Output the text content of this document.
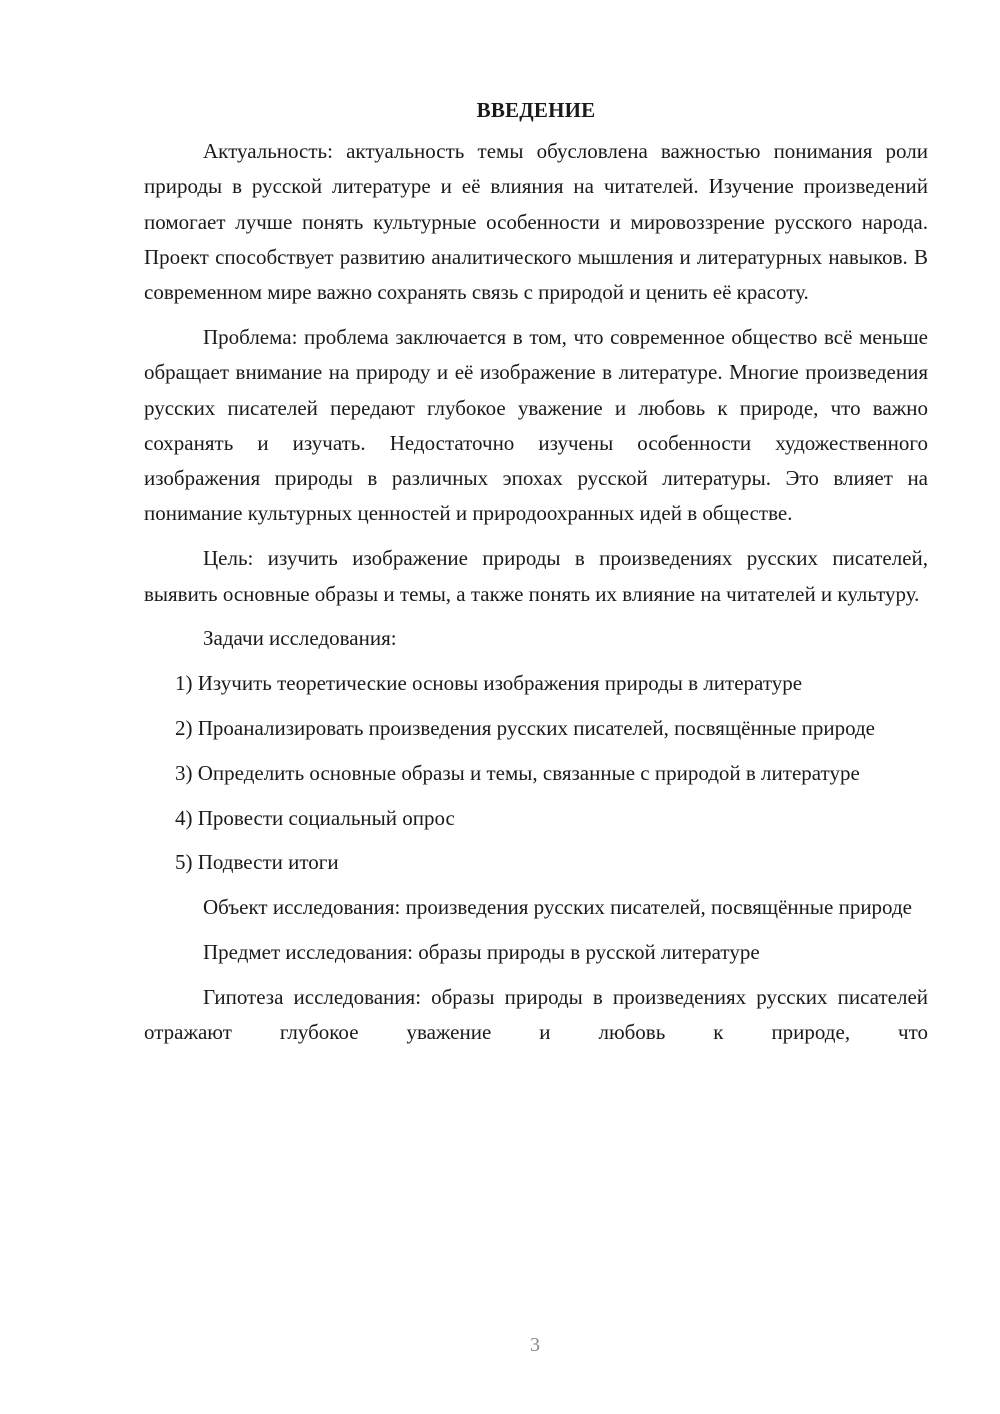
ВВЕДЕНИЕ

Актуальность: актуальность темы обусловлена важностью понимания роли природы в русской литературе и её влияния на читателей. Изучение произведений помогает лучше понять культурные особенности и мировоззрение русского народа. Проект способствует развитию аналитического мышления и литературных навыков. В современном мире важно сохранять связь с природой и ценить её красоту.

Проблема: проблема заключается в том, что современное общество всё меньше обращает внимание на природу и её изображение в литературе. Многие произведения русских писателей передают глубокое уважение и любовь к природе, что важно сохранять и изучать. Недостаточно изучены особенности художественного изображения природы в различных эпохах русской литературы. Это влияет на понимание культурных ценностей и природоохранных идей в обществе.

Цель: изучить изображение природы в произведениях русских писателей, выявить основные образы и темы, а также понять их влияние на читателей и культуру.

Задачи исследования:

1) Изучить теоретические основы изображения природы в литературе

2) Проанализировать произведения русских писателей, посвящённые природе

3) Определить основные образы и темы, связанные с природой в литературе

4) Провести социальный опрос

5) Подвести итоги

Объект исследования: произведения русских писателей, посвящённые природе

Предмет исследования: образы природы в русской литературе

Гипотеза исследования: образы природы в произведениях русских писателей отражают глубокое уважение и любовь к природе, что

3
